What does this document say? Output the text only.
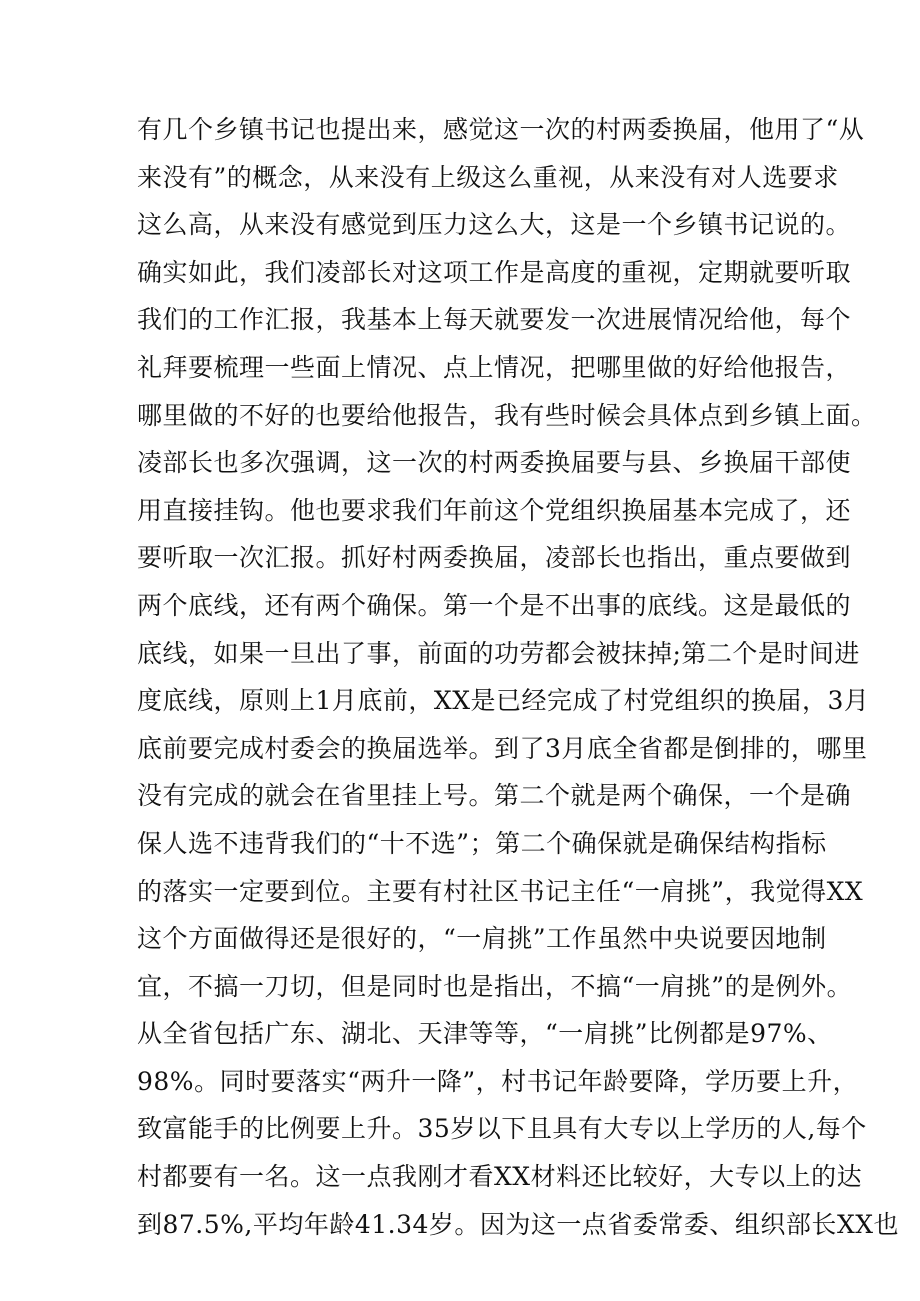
有几个乡镇书记也提出来，感觉这一次的村两委换届，他用了“从
来没有”的概念，从来没有上级这么重视，从来没有对人选要求
这么高，从来没有感觉到压力这么大，这是一个乡镇书记说的。
确实如此，我们凌部长对这项工作是高度的重视，定期就要听取
我们的工作汇报，我基本上每天就要发一次进展情况给他，每个
礼拜要梳理一些面上情况、点上情况，把哪里做的好给他报告，
哪里做的不好的也要给他报告，我有些时候会具体点到乡镇上面。
凌部长也多次强调，这一次的村两委换届要与县、乡换届干部使
用直接挂钩。他也要求我们年前这个党组织换届基本完成了，还
要听取一次汇报。抓好村两委换届，凌部长也指出，重点要做到
两个底线，还有两个确保。第一个是不出事的底线。这是最低的
底线，如果一旦出了事，前面的功劳都会被抹掉;第二个是时间进
度底线，原则上1月底前，XX是已经完成了村党组织的换届，3月
底前要完成村委会的换届选举。到了3月底全省都是倒排的，哪里
没有完成的就会在省里挂上号。第二个就是两个确保，一个是确
保人选不违背我们的“十不选”；第二个确保就是确保结构指标
的落实一定要到位。主要有村社区书记主任“一肩挑”，我觉得XX
这个方面做得还是很好的，“一肩挑”工作虽然中央说要因地制
宜，不搞一刀切，但是同时也是指出，不搞“一肩挑”的是例外。
从全省包括广东、湖北、天津等等，“一肩挑”比例都是97%、
98%。同时要落实“两升一降”，村书记年龄要降，学历要上升，
致富能手的比例要上升。35岁以下且具有大专以上学历的人,每个
村都要有一名。这一点我刚才看XX材料还比较好，大专以上的达
到87.5%,平均年龄41.34岁。因为这一点省委常委、组织部长XX也
